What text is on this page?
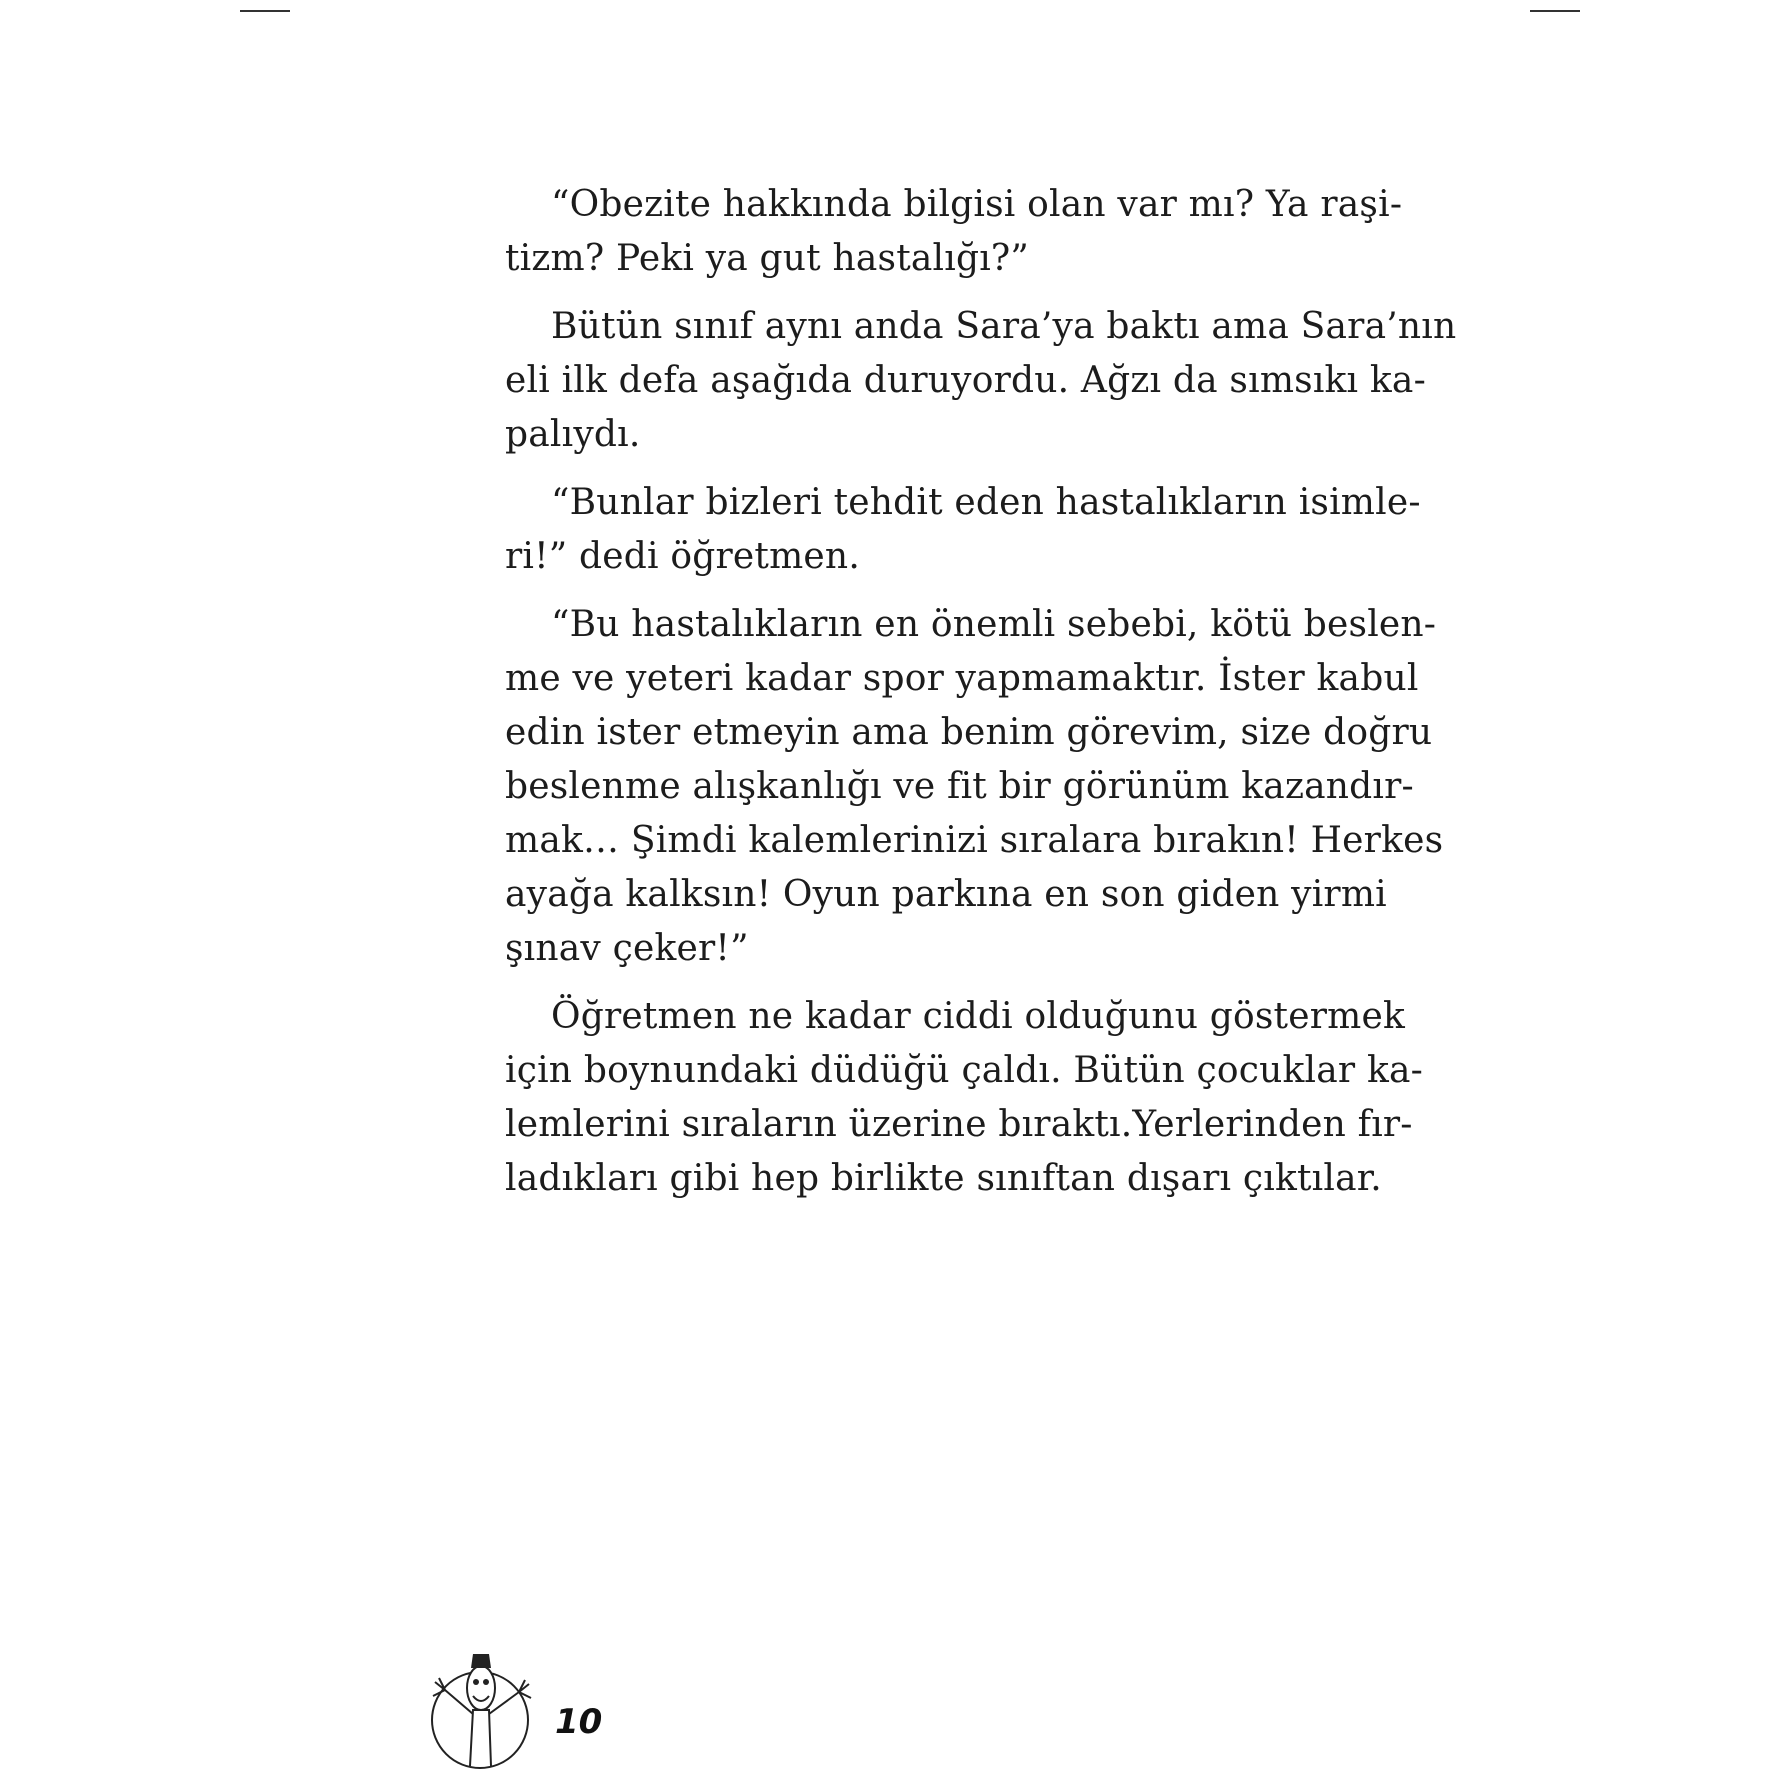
“Obezite hakkında bilgisi olan var mı? Ya raşi-
tizm? Peki ya gut hastalığı?”

Bütün sınıf aynı anda Sara’ya baktı ama Sara’nın
eli ilk defa aşağıda duruyordu. Ağzı da sımsıkı ka-
palıydı.

“Bunlar bizleri tehdit eden hastalıkların isimle-
ri!” dedi öğretmen.

“Bu hastalıkların en önemli sebebi, kötü beslen-
me ve yeteri kadar spor yapmamaktır. İster kabul
edin ister etmeyin ama benim görevim, size doğru
beslenme alışkanlığı ve fit bir görünüm kazandır-
mak… Şimdi kalemlerinizi sıralara bırakın! Herkes
ayağa kalksın! Oyun parkına en son giden yirmi
şınav çeker!”

Öğretmen ne kadar ciddi olduğunu göstermek
için boynundaki düdüğü çaldı. Bütün çocuklar ka-
lemlerini sıraların üzerine bıraktı.Yerlerinden fır-
ladıkları gibi hep birlikte sınıftan dışarı çıktılar.

10
